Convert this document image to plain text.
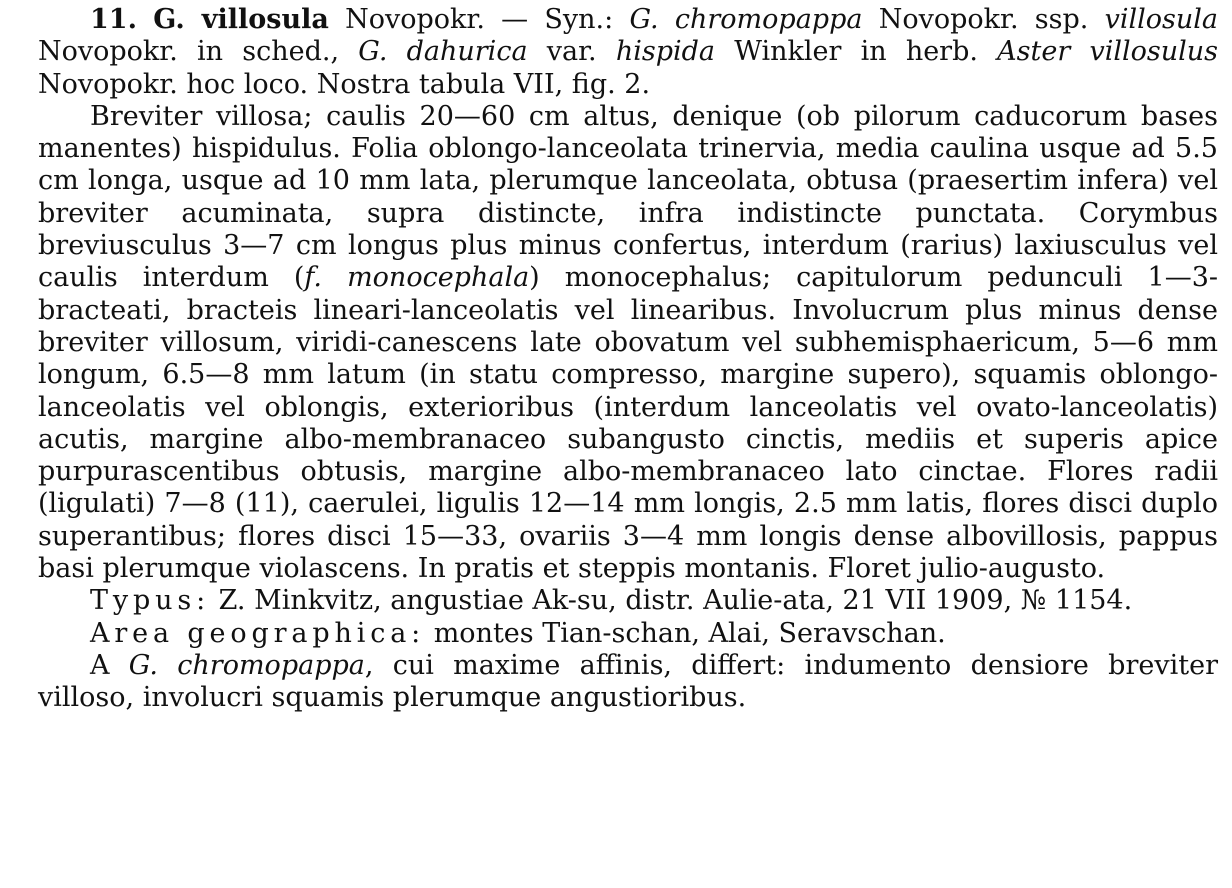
11. G. villosula Novopokr. — Syn.: G. chromopappa Novopokr. ssp. villosula Novopokr. in sched., G. dahurica var. hispida Winkler in herb. Aster villosulus Novopokr. hoc loco. Nostra tabula VII, fig. 2.

Breviter villosa; caulis 20—60 cm altus, denique (ob pilorum caducorum bases manentes) hispidulus. Folia oblongo-lanceolata trinervia, media caulina usque ad 5.5 cm longa, usque ad 10 mm lata, plerumque lanceolata, obtusa (praesertim infera) vel breviter acuminata, supra distincte, infra indistincte punctata. Corymbus breviusculus 3—7 cm longus plus minus confertus, interdum (rarius) laxiusculus vel caulis interdum (f. monocephala) monocephalus; capitulorum pedunculi 1—3-bracteati, bracteis lineari-lanceolatis vel linearibus. Involucrum plus minus dense breviter villosum, viridi-canescens late obovatum vel subhemisphaericum, 5—6 mm longum, 6.5—8 mm latum (in statu compresso, margine supero), squamis oblongo-lanceolatis vel oblongis, exterioribus (interdum lanceolatis vel ovato-lanceolatis) acutis, margine albo-membranaceo subangusto cinctis, mediis et superis apice purpurascentibus obtusis, margine albo-membranaceo lato cinctae. Flores radii (ligulati) 7—8 (11), caerulei, ligulis 12—14 mm longis, 2.5 mm latis, flores disci duplo superantibus; flores disci 15—33, ovariis 3—4 mm longis dense albovillosis, pappus basi plerumque violascens. In pratis et steppis montanis. Floret julio-augusto.

Typus: Z. Minkvitz, angustiae Ak-su, distr. Aulie-ata, 21 VII 1909, № 1154.

Area geographica: montes Tian-schan, Alai, Seravschan.

A G. chromopappa, cui maxime affinis, differt: indumento densiore breviter villoso, involucri squamis plerumque angustioribus.
